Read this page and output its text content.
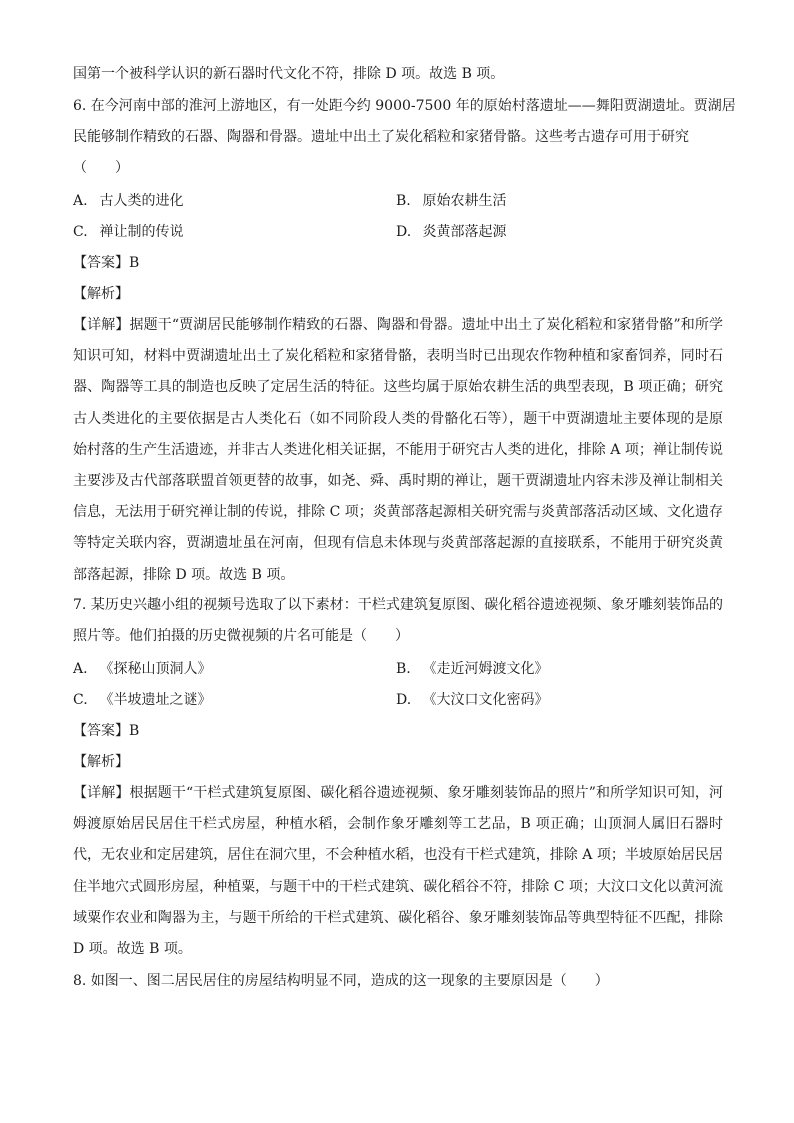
国第一个被科学认识的新石器时代文化不符，排除 D 项。故选 B 项。
6. 在今河南中部的淮河上游地区，有一处距今约 9000-7500 年的原始村落遗址——舞阳贾湖遗址。贾湖居
民能够制作精致的石器、陶器和骨器。遗址中出土了炭化稻粒和家猪骨骼。这些考古遗存可用于研究
（　　）
A. 古人类的进化	B. 原始农耕生活
C. 禅让制的传说	D. 炎黄部落起源
【答案】B
【解析】
【详解】据题干“贾湖居民能够制作精致的石器、陶器和骨器。遗址中出土了炭化稻粒和家猪骨骼”和所学知识可知，材料中贾湖遗址出土了炭化稻粒和家猪骨骼，表明当时已出现农作物种植和家畜饲养，同时石器、陶器等工具的制造也反映了定居生活的特征。这些均属于原始农耕生活的典型表现，B 项正确；研究古人类进化的主要依据是古人类化石（如不同阶段人类的骨骼化石等），题干中贾湖遗址主要体现的是原始村落的生产生活遗迹，并非古人类进化相关证据，不能用于研究古人类的进化，排除 A 项；禅让制传说主要涉及古代部落联盟首领更替的故事，如尧、舜、禹时期的禅让，题干贾湖遗址内容未涉及禅让制相关信息，无法用于研究禅让制的传说，排除 C 项；炎黄部落起源相关研究需与炎黄部落活动区域、文化遗存等特定关联内容，贾湖遗址虽在河南，但现有信息未体现与炎黄部落起源的直接联系，不能用于研究炎黄部落起源，排除 D 项。故选 B 项。
7. 某历史兴趣小组的视频号选取了以下素材：干栏式建筑复原图、碳化稻谷遗迹视频、象牙雕刻装饰品的照片等。他们拍摄的历史微视频的片名可能是（　　）
A. 《探秘山顶洞人》	B. 《走近河姆渡文化》
C. 《半坡遗址之谜》	D. 《大汶口文化密码》
【答案】B
【解析】
【详解】根据题干“干栏式建筑复原图、碳化稻谷遗迹视频、象牙雕刻装饰品的照片”和所学知识可知，河姆渡原始居民居住干栏式房屋，种植水稻，会制作象牙雕刻等工艺品，B 项正确；山顶洞人属旧石器时代，无农业和定居建筑，居住在洞穴里，不会种植水稻，也没有干栏式建筑，排除 A 项；半坡原始居民居住半地穴式圆形房屋，种植粟，与题干中的干栏式建筑、碳化稻谷不符，排除 C 项；大汶口文化以黄河流域粟作农业和陶器为主，与题干所给的干栏式建筑、碳化稻谷、象牙雕刻装饰品等典型特征不匹配，排除 D 项。故选 B 项。
8. 如图一、图二居民居住的房屋结构明显不同，造成的这一现象的主要原因是（　　）
